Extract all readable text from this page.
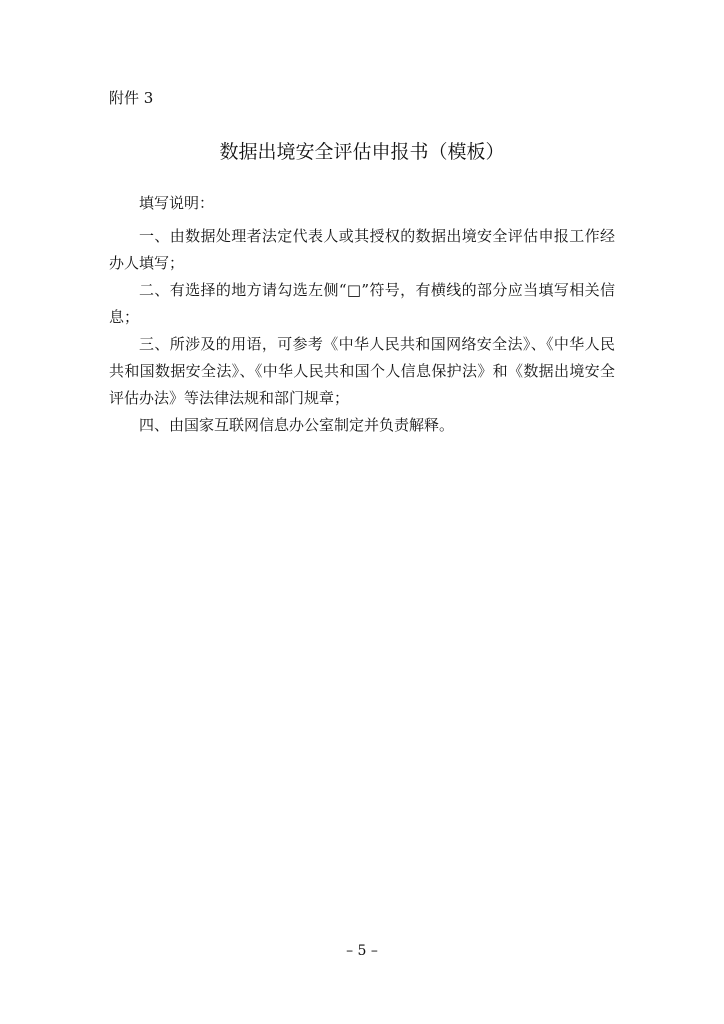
附件 3
数据出境安全评估申报书（模板）

填写说明：

一、由数据处理者法定代表人或其授权的数据出境安全评估申报工作经办人填写；

二、有选择的地方请勾选左侧“□”符号，有横线的部分应当填写相关信息；

三、所涉及的用语，可参考《中华人民共和国网络安全法》、《中华人民共和国数据安全法》、《中华人民共和国个人信息保护法》和《数据出境安全评估办法》等法律法规和部门规章；

四、由国家互联网信息办公室制定并负责解释。

– 5 –
